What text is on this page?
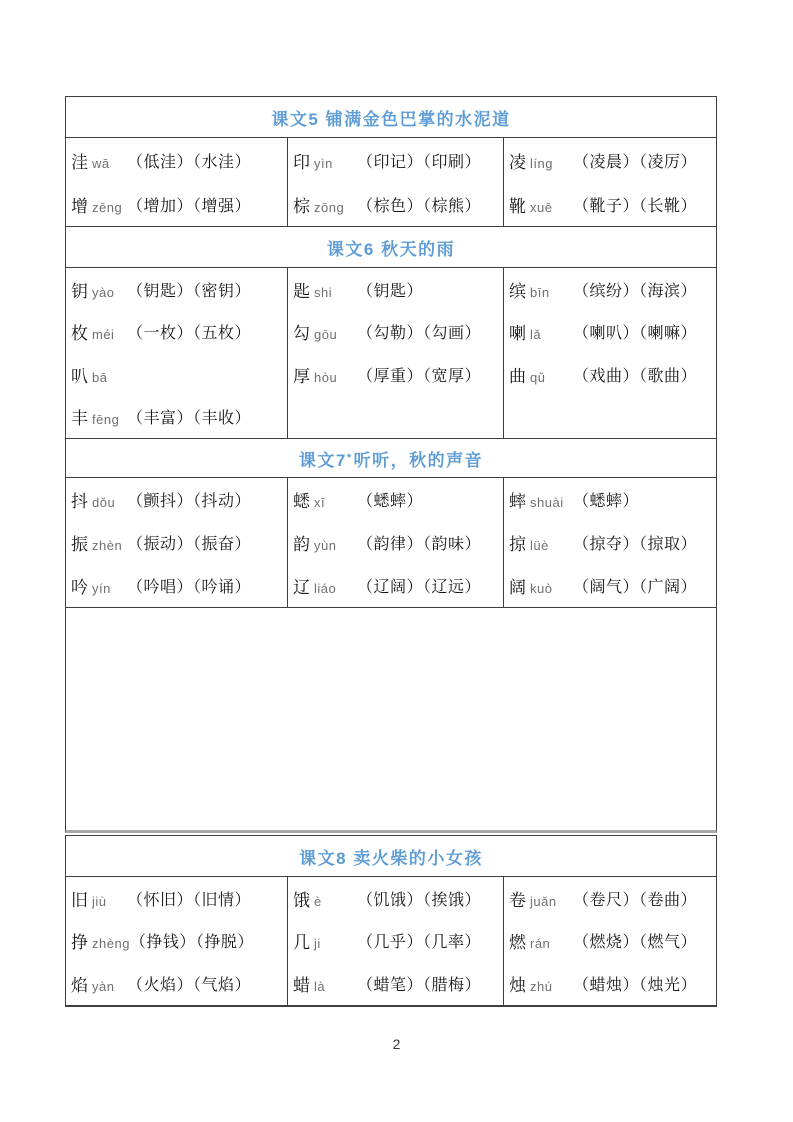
课文5 铺满金色巴掌的水泥道
洼 wā （低洼）（水洼）
增 zēng （增加）（增强）
印 yìn （印记）（印刷）
棕 zōng （棕色）（棕熊）
凌 líng （凌晨）（凌厉）
靴 xuē （靴子）（长靴）
课文6 秋天的雨
钥 yào （钥匙）（密钥）
枚 méi （一枚）（五枚）
叭 bā
丰 fēng （丰富）（丰收）
匙 shi （钥匙）
勾 gōu （勾勒）（勾画）
厚 hòu （厚重）（宽厚）
缤 bīn （缤纷）（海滨）
喇 lǎ （喇叭）（喇嘛）
曲 qǔ （戏曲）（歌曲）
课文7 * 听听，秋的声音
抖 dǒu （颤抖）（抖动）
振 zhèn （振动）（振奋）
吟 yín （吟唱）（吟诵）
蟋 xī （蟋蟀）
韵 yùn （韵律）（韵味）
辽 liáo （辽阔）（辽远）
蟀 shuài （蟋蟀）
掠 lüè （掠夺）（掠取）
阔 kuò （阔气）（广阔）
课文8 卖火柴的小女孩
旧 jiù （怀旧）（旧情）
挣 zhèng （挣钱）（挣脱）
焰 yàn （火焰）（气焰）
饿 è （饥饿）（挨饿）
几 ji （几乎）（几率）
蜡 là （蜡笔）（腊梅）
卷 juǎn （卷尺）（卷曲）
燃 rán （燃烧）（燃气）
烛 zhú （蜡烛）（烛光）
2
